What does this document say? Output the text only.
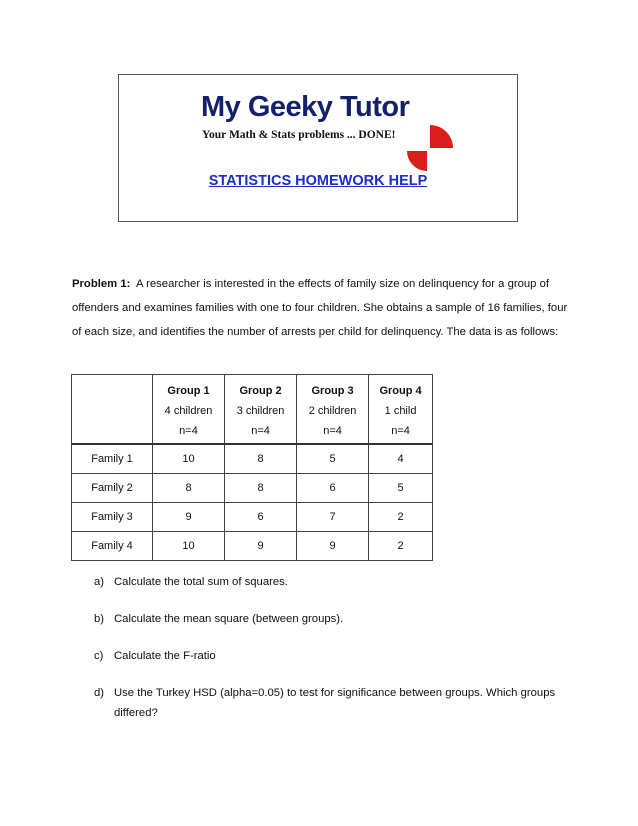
My Geeky Tutor
Your Math & Stats problems ... DONE!
STATISTICS HOMEWORK HELP
Problem 1: A researcher is interested in the effects of family size on delinquency for a group of offenders and examines families with one to four children. She obtains a sample of 16 families, four of each size, and identifies the number of arrests per child for delinquency. The data is as follows:

	Group 1
4 children
n=4	Group 2
3 children
n=4	Group 3
2 children
n=4	Group 4
1 child
n=4

Family 1	10	8	5	4
Family 2	8	8	6	5
Family 3	9	6	7	2
Family 4	10	9	9	2
a) Calculate the total sum of squares.
b) Calculate the mean square (between groups).
c) Calculate the F-ratio
d) Use the Turkey HSD (alpha=0.05) to test for significance between groups. Which groups differed?
